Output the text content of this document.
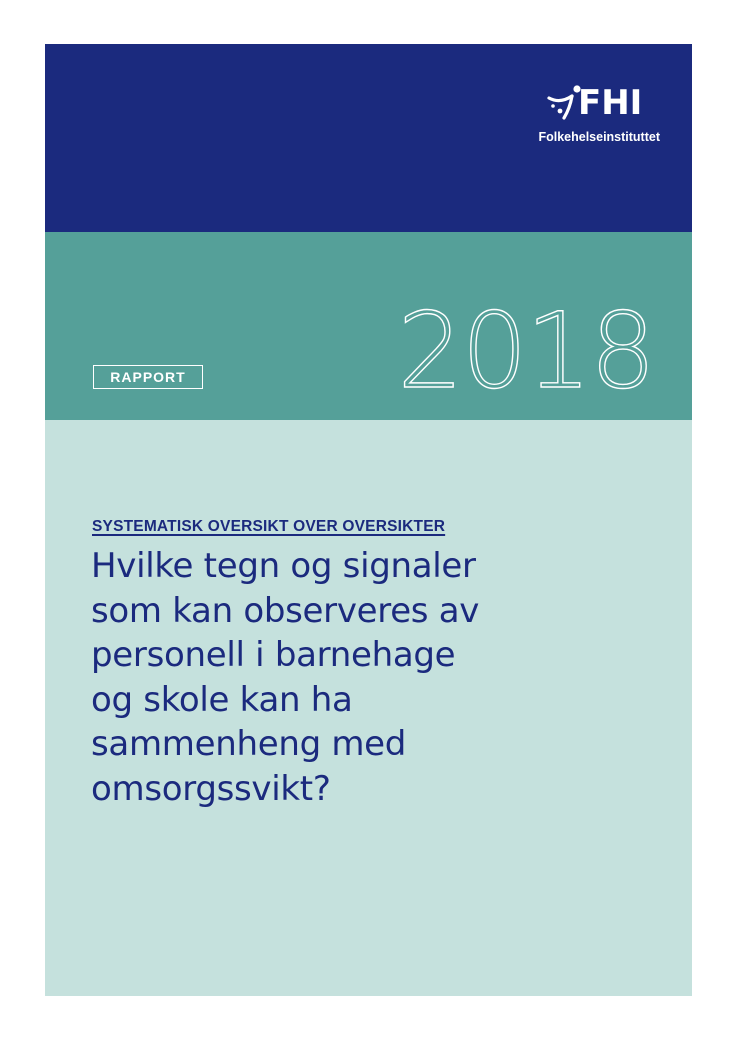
FHI
Folkehelseinstituttet
2018
RAPPORT
SYSTEMATISK OVERSIKT OVER OVERSIKTER
Hvilke tegn og signaler
som kan observeres av
personell i barnehage
og skole kan ha
sammenheng med
omsorgssvikt?
